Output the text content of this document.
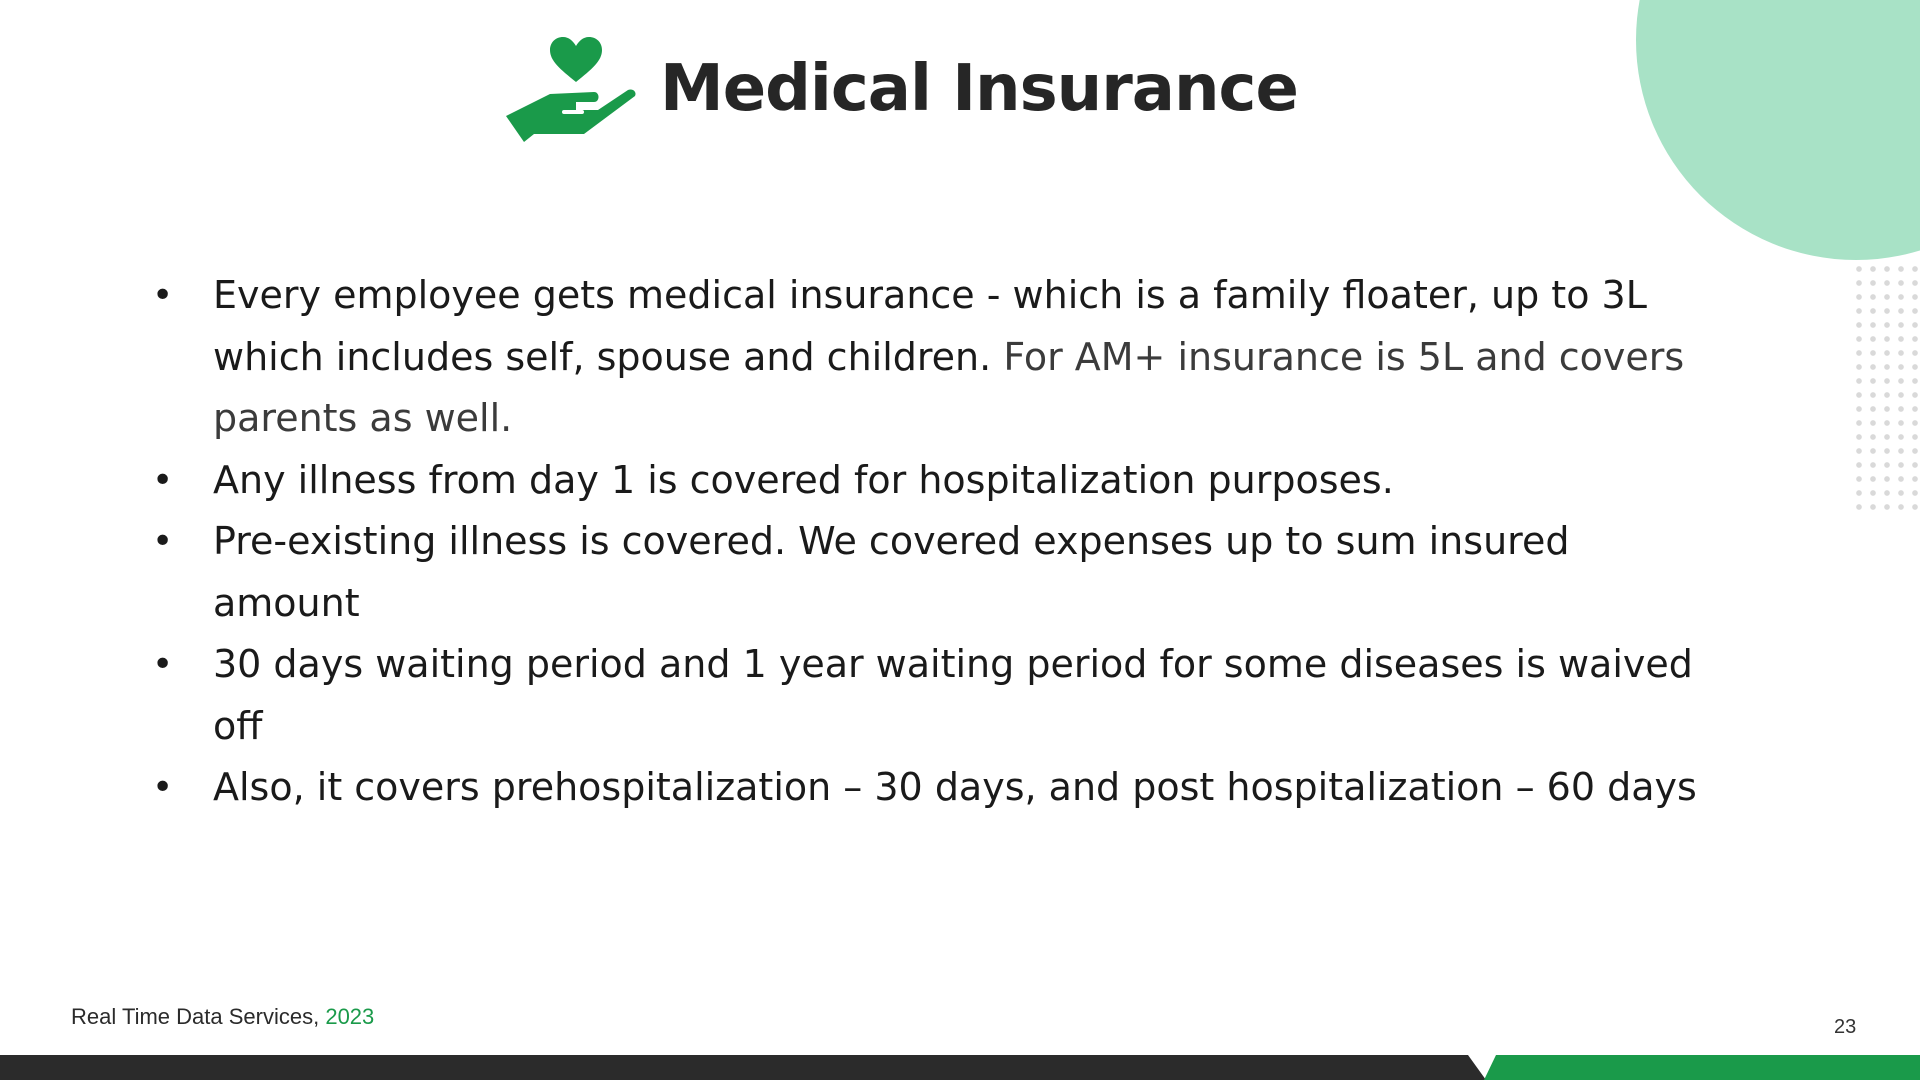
Medical Insurance
• Every employee gets medical insurance - which is a family floater, up to 3L which includes self, spouse and children. For AM+ insurance is 5L and covers parents as well.
• Any illness from day 1 is covered for hospitalization purposes.
• Pre-existing illness is covered. We covered expenses up to sum insured amount
• 30 days waiting period and 1 year waiting period for some diseases is waived off
• Also, it covers prehospitalization – 30 days, and post hospitalization – 60 days
Real Time Data Services, 2023	23
